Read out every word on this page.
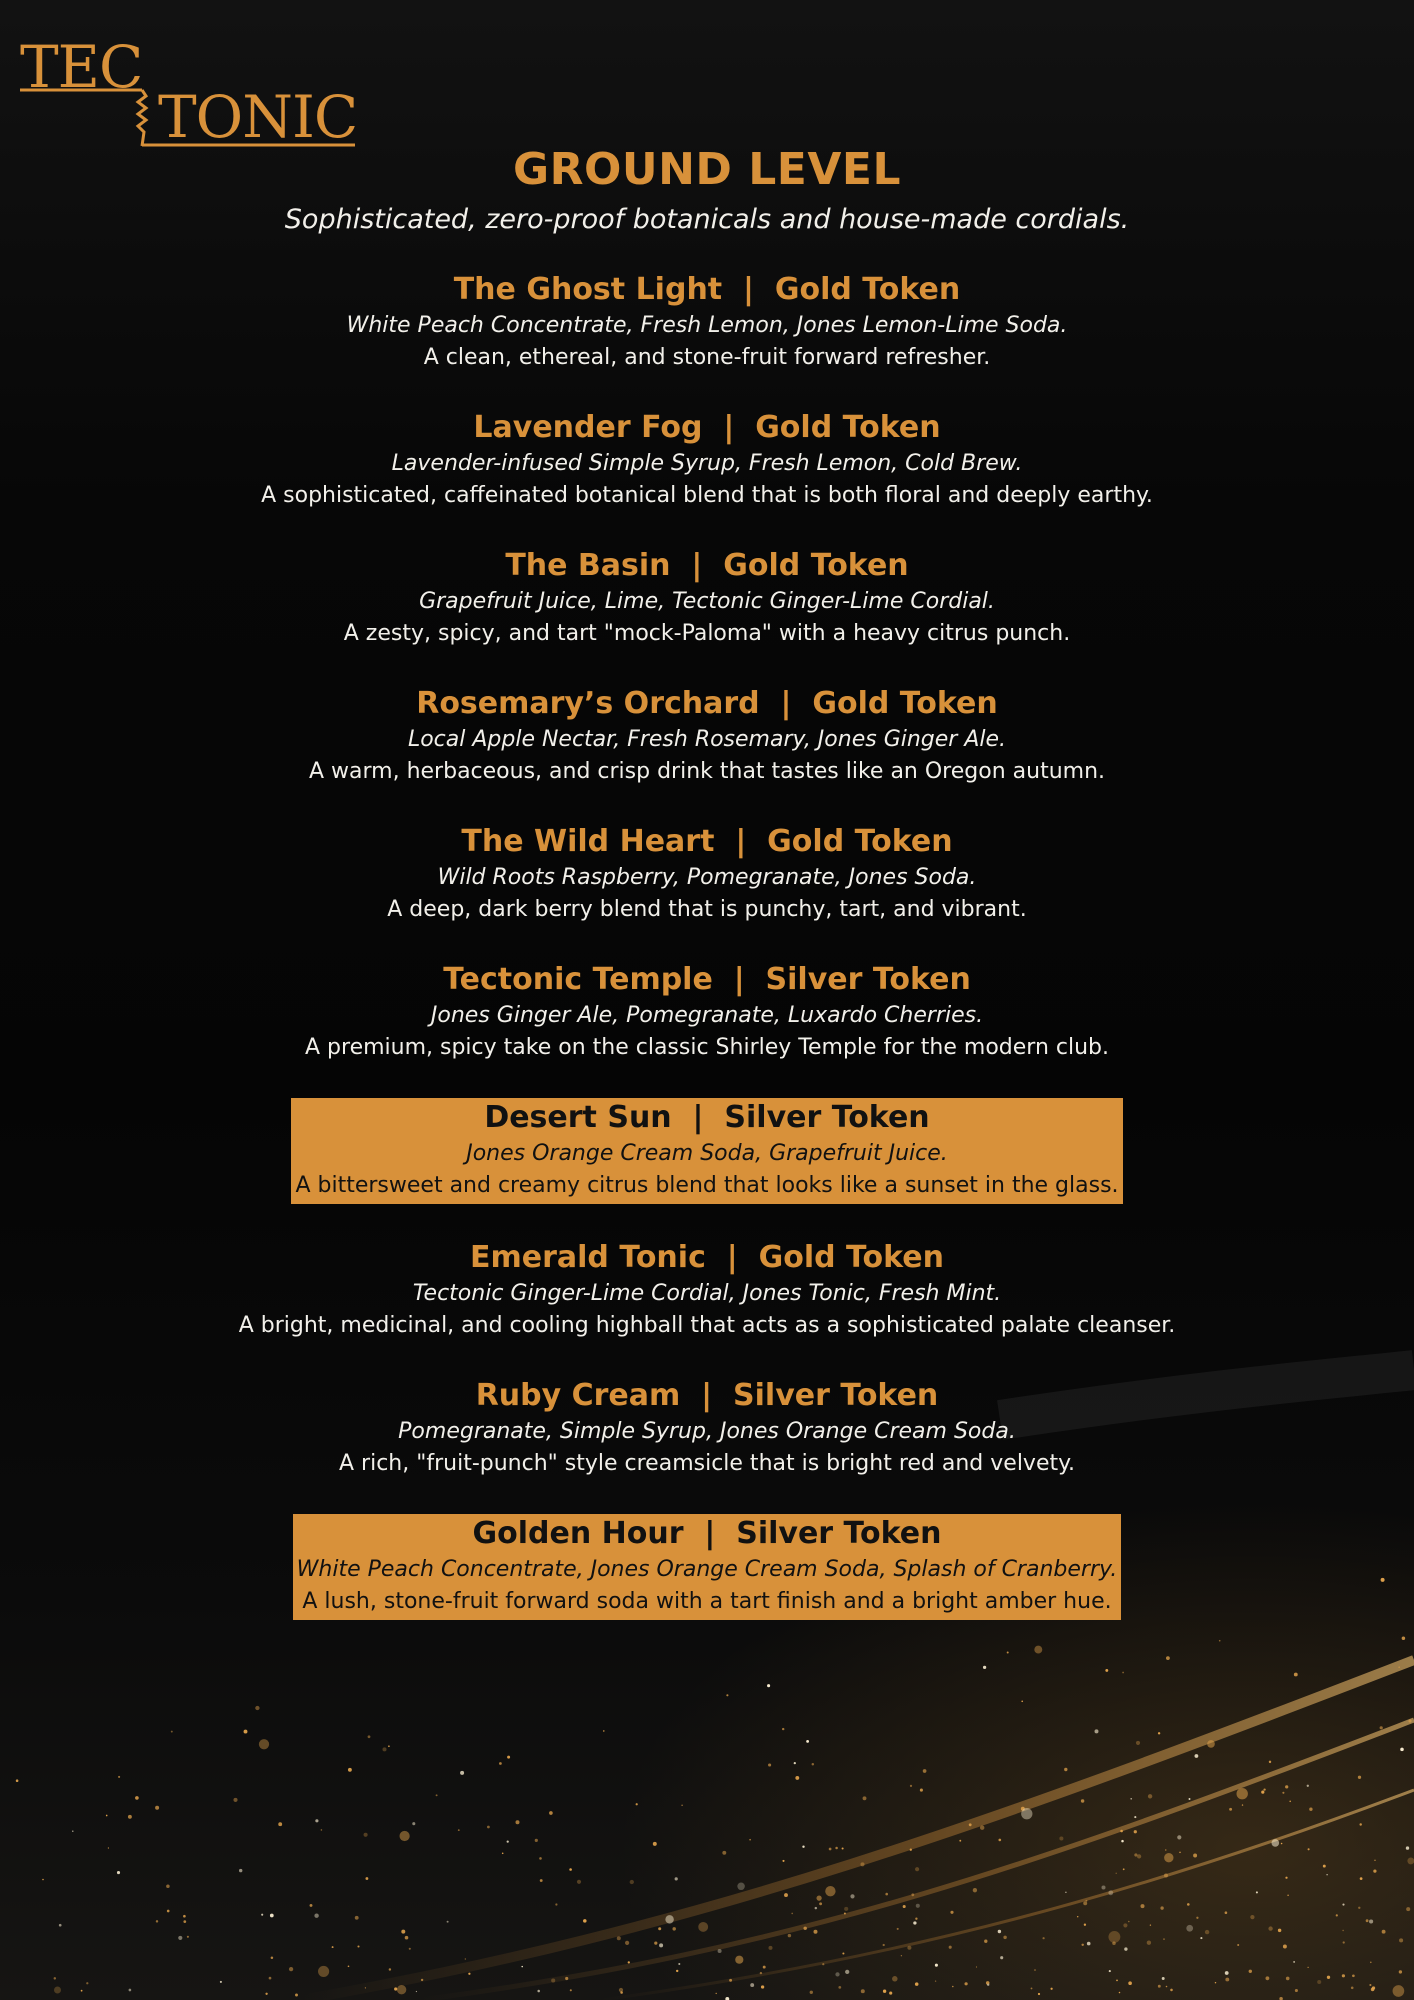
TEC
TONIC
GROUND LEVEL

Sophisticated, zero-proof botanicals and house-made cordials.

The Ghost Light  |  Gold Token

White Peach Concentrate, Fresh Lemon, Jones Lemon-Lime Soda.

A clean, ethereal, and stone-fruit forward refresher.

Lavender Fog  |  Gold Token

Lavender-infused Simple Syrup, Fresh Lemon, Cold Brew.

A sophisticated, caffeinated botanical blend that is both floral and deeply earthy.

The Basin  |  Gold Token

Grapefruit Juice, Lime, Tectonic Ginger-Lime Cordial.

A zesty, spicy, and tart "mock-Paloma" with a heavy citrus punch.

Rosemary’s Orchard  |  Gold Token

Local Apple Nectar, Fresh Rosemary, Jones Ginger Ale.

A warm, herbaceous, and crisp drink that tastes like an Oregon autumn.

The Wild Heart  |  Gold Token

Wild Roots Raspberry, Pomegranate, Jones Soda.

A deep, dark berry blend that is punchy, tart, and vibrant.

Tectonic Temple  |  Silver Token

Jones Ginger Ale, Pomegranate, Luxardo Cherries.

A premium, spicy take on the classic Shirley Temple for the modern club.

Desert Sun  |  Silver Token

Jones Orange Cream Soda, Grapefruit Juice.

A bittersweet and creamy citrus blend that looks like a sunset in the glass.

Emerald Tonic  |  Gold Token

Tectonic Ginger-Lime Cordial, Jones Tonic, Fresh Mint.

A bright, medicinal, and cooling highball that acts as a sophisticated palate cleanser.

Ruby Cream  |  Silver Token

Pomegranate, Simple Syrup, Jones Orange Cream Soda.

A rich, "fruit-punch" style creamsicle that is bright red and velvety.

Golden Hour  |  Silver Token

White Peach Concentrate, Jones Orange Cream Soda, Splash of Cranberry.

A lush, stone-fruit forward soda with a tart finish and a bright amber hue.
